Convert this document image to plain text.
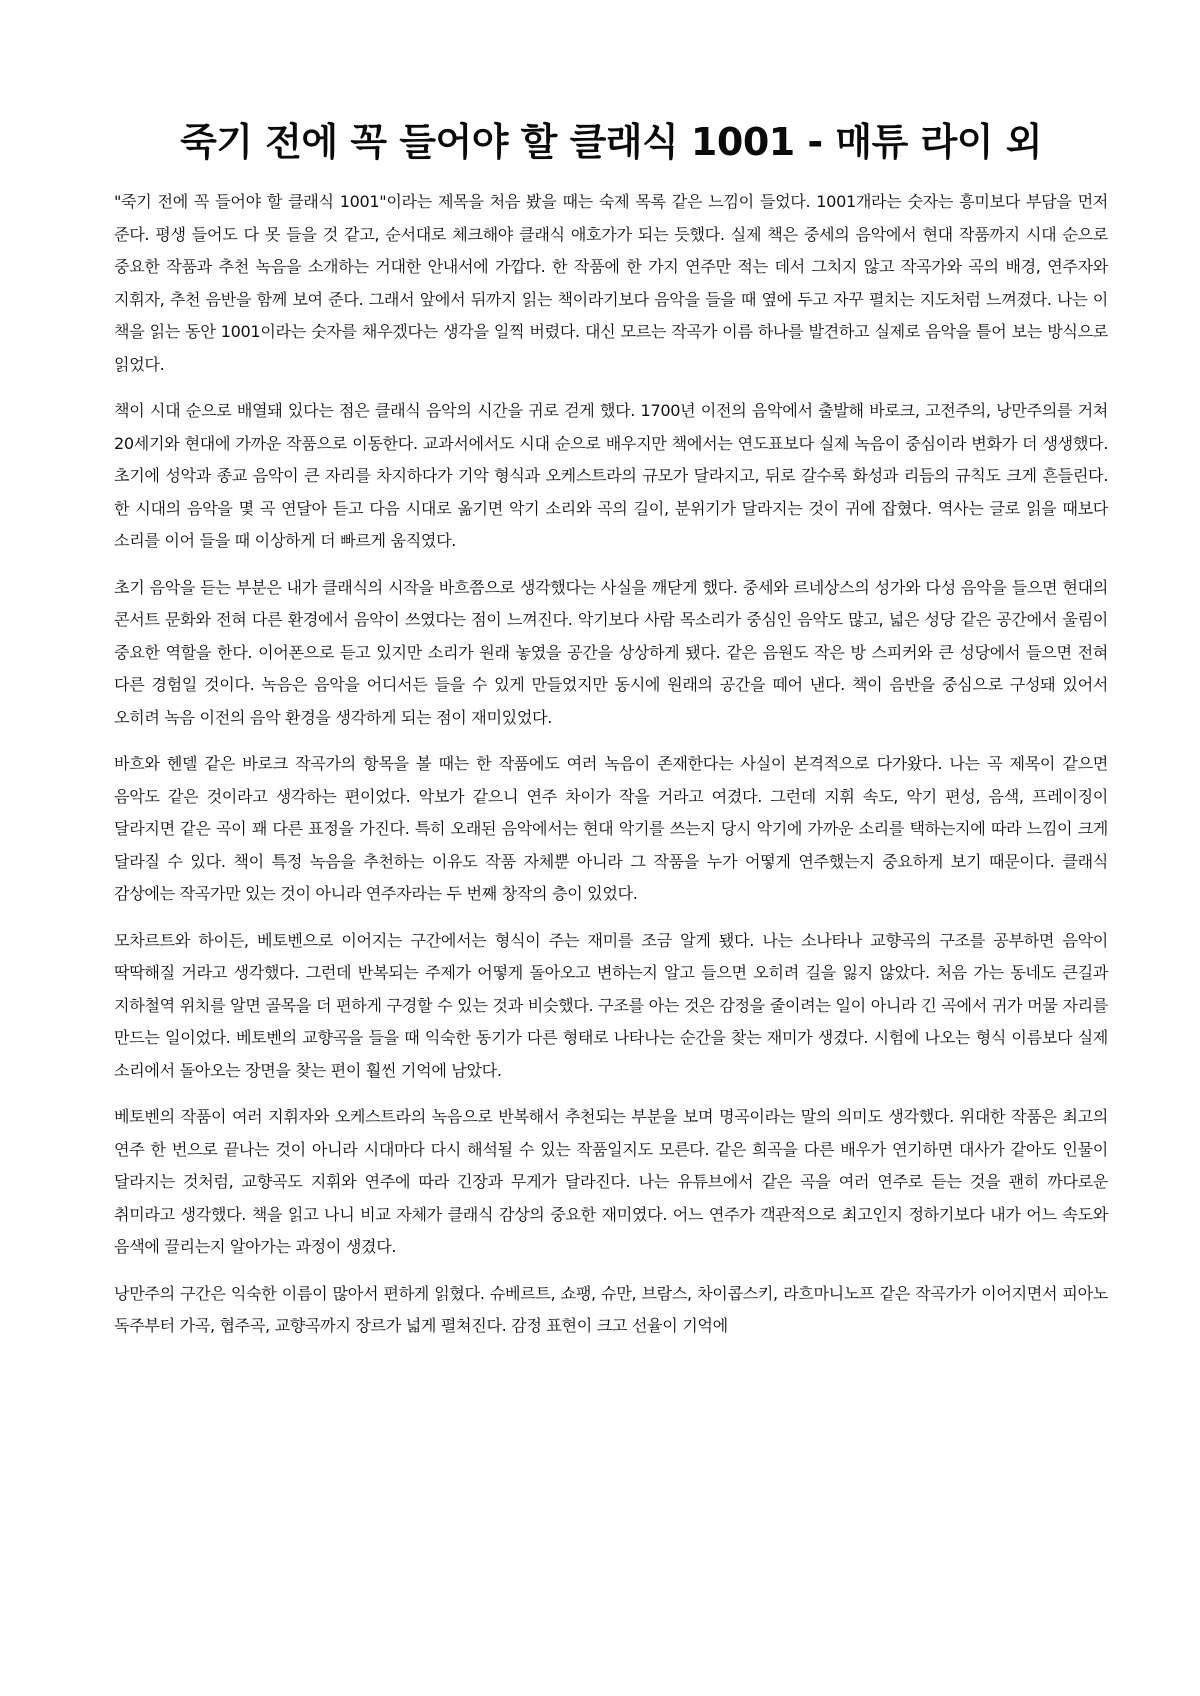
죽기 전에 꼭 들어야 할 클래식 1001 - 매튜 라이 외

"죽기 전에 꼭 들어야 할 클래식 1001"이라는 제목을 처음 봤을 때는 숙제 목록 같은 느낌이 들었다. 1001개라는 숫자는 흥미보다 부담을 먼저 준다. 평생 들어도 다 못 들을 것 같고, 순서대로 체크해야 클래식 애호가가 되는 듯했다. 실제 책은 중세의 음악에서 현대 작품까지 시대 순으로 중요한 작품과 추천 녹음을 소개하는 거대한 안내서에 가깝다. 한 작품에 한 가지 연주만 적는 데서 그치지 않고 작곡가와 곡의 배경, 연주자와 지휘자, 추천 음반을 함께 보여 준다. 그래서 앞에서 뒤까지 읽는 책이라기보다 음악을 들을 때 옆에 두고 자꾸 펼치는 지도처럼 느껴졌다. 나는 이 책을 읽는 동안 1001이라는 숫자를 채우겠다는 생각을 일찍 버렸다. 대신 모르는 작곡가 이름 하나를 발견하고 실제로 음악을 틀어 보는 방식으로 읽었다.

책이 시대 순으로 배열돼 있다는 점은 클래식 음악의 시간을 귀로 걷게 했다. 1700년 이전의 음악에서 출발해 바로크, 고전주의, 낭만주의를 거쳐 20세기와 현대에 가까운 작품으로 이동한다. 교과서에서도 시대 순으로 배우지만 책에서는 연도표보다 실제 녹음이 중심이라 변화가 더 생생했다. 초기에 성악과 종교 음악이 큰 자리를 차지하다가 기악 형식과 오케스트라의 규모가 달라지고, 뒤로 갈수록 화성과 리듬의 규칙도 크게 흔들린다. 한 시대의 음악을 몇 곡 연달아 듣고 다음 시대로 옮기면 악기 소리와 곡의 길이, 분위기가 달라지는 것이 귀에 잡혔다. 역사는 글로 읽을 때보다 소리를 이어 들을 때 이상하게 더 빠르게 움직였다.

초기 음악을 듣는 부분은 내가 클래식의 시작을 바흐쯤으로 생각했다는 사실을 깨닫게 했다. 중세와 르네상스의 성가와 다성 음악을 들으면 현대의 콘서트 문화와 전혀 다른 환경에서 음악이 쓰였다는 점이 느껴진다. 악기보다 사람 목소리가 중심인 음악도 많고, 넓은 성당 같은 공간에서 울림이 중요한 역할을 한다. 이어폰으로 듣고 있지만 소리가 원래 놓였을 공간을 상상하게 됐다. 같은 음원도 작은 방 스피커와 큰 성당에서 들으면 전혀 다른 경험일 것이다. 녹음은 음악을 어디서든 들을 수 있게 만들었지만 동시에 원래의 공간을 떼어 낸다. 책이 음반을 중심으로 구성돼 있어서 오히려 녹음 이전의 음악 환경을 생각하게 되는 점이 재미있었다.

바흐와 헨델 같은 바로크 작곡가의 항목을 볼 때는 한 작품에도 여러 녹음이 존재한다는 사실이 본격적으로 다가왔다. 나는 곡 제목이 같으면 음악도 같은 것이라고 생각하는 편이었다. 악보가 같으니 연주 차이가 작을 거라고 여겼다. 그런데 지휘 속도, 악기 편성, 음색, 프레이징이 달라지면 같은 곡이 꽤 다른 표정을 가진다. 특히 오래된 음악에서는 현대 악기를 쓰는지 당시 악기에 가까운 소리를 택하는지에 따라 느낌이 크게 달라질 수 있다. 책이 특정 녹음을 추천하는 이유도 작품 자체뿐 아니라 그 작품을 누가 어떻게 연주했는지 중요하게 보기 때문이다. 클래식 감상에는 작곡가만 있는 것이 아니라 연주자라는 두 번째 창작의 층이 있었다.

모차르트와 하이든, 베토벤으로 이어지는 구간에서는 형식이 주는 재미를 조금 알게 됐다. 나는 소나타나 교향곡의 구조를 공부하면 음악이 딱딱해질 거라고 생각했다. 그런데 반복되는 주제가 어떻게 돌아오고 변하는지 알고 들으면 오히려 길을 잃지 않았다. 처음 가는 동네도 큰길과 지하철역 위치를 알면 골목을 더 편하게 구경할 수 있는 것과 비슷했다. 구조를 아는 것은 감정을 줄이려는 일이 아니라 긴 곡에서 귀가 머물 자리를 만드는 일이었다. 베토벤의 교향곡을 들을 때 익숙한 동기가 다른 형태로 나타나는 순간을 찾는 재미가 생겼다. 시험에 나오는 형식 이름보다 실제 소리에서 돌아오는 장면을 찾는 편이 훨씬 기억에 남았다.

베토벤의 작품이 여러 지휘자와 오케스트라의 녹음으로 반복해서 추천되는 부분을 보며 명곡이라는 말의 의미도 생각했다. 위대한 작품은 최고의 연주 한 번으로 끝나는 것이 아니라 시대마다 다시 해석될 수 있는 작품일지도 모른다. 같은 희곡을 다른 배우가 연기하면 대사가 같아도 인물이 달라지는 것처럼, 교향곡도 지휘와 연주에 따라 긴장과 무게가 달라진다. 나는 유튜브에서 같은 곡을 여러 연주로 듣는 것을 괜히 까다로운 취미라고 생각했다. 책을 읽고 나니 비교 자체가 클래식 감상의 중요한 재미였다. 어느 연주가 객관적으로 최고인지 정하기보다 내가 어느 속도와 음색에 끌리는지 알아가는 과정이 생겼다.

낭만주의 구간은 익숙한 이름이 많아서 편하게 읽혔다. 슈베르트, 쇼팽, 슈만, 브람스, 차이콥스키, 라흐마니노프 같은 작곡가가 이어지면서 피아노 독주부터 가곡, 협주곡, 교향곡까지 장르가 넓게 펼쳐진다. 감정 표현이 크고 선율이 기억에
